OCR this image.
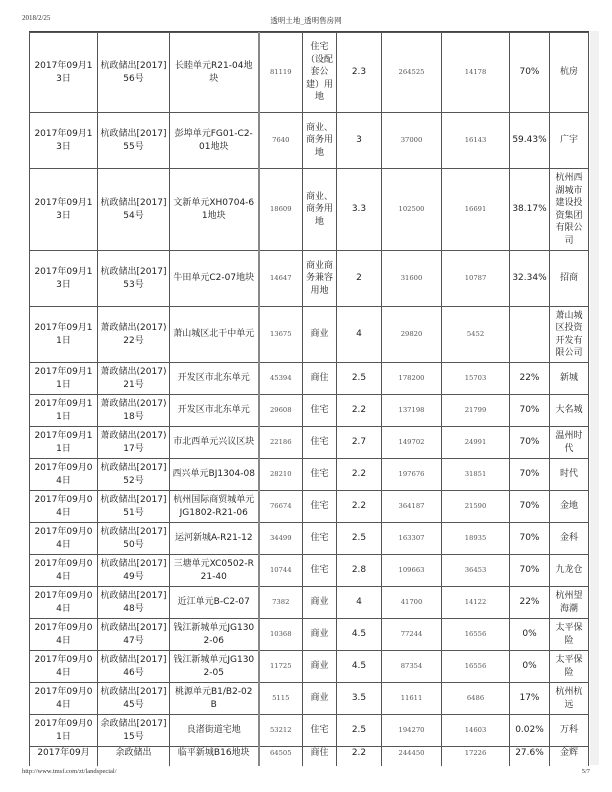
2018/2/25	透明土地_透明售房网
2017年09月13日	杭政储出[2017]56号	长睦单元R21-04地块	81119	住宅（设配套公建）用地	2.3	264525	14178	70%	杭房
2017年09月13日	杭政储出[2017]55号	彭埠单元FG01-C2-01地块	7640	商业、商务用地	3	37000	16143	59.43%	广宇
2017年09月13日	杭政储出[2017]54号	文新单元XH0704-61地块	18609	商业、商务用地	3.3	102500	16691	38.17%	杭州西湖城市建设投资集团有限公司
2017年09月13日	杭政储出[2017]53号	牛田单元C2-07地块	14647	商业商务兼容用地	2	31600	10787	32.34%	招商
2017年09月11日	萧政储出(2017) 22号	萧山城区北干中单元	13675	商业	4	29820	5452		萧山城区投资开发有限公司
2017年09月11日	萧政储出(2017) 21号	开发区市北东单元	45394	商住	2.5	178200	15703	22%	新城
2017年09月11日	萧政储出(2017) 18号	开发区市北东单元	29608	住宅	2.2	137198	21799	70%	大名城
2017年09月11日	萧政储出(2017)17号	市北西单元兴议区块	22186	住宅	2.7	149702	24991	70%	温州时代
2017年09月04日	杭政储出[2017]52号	西兴单元BJ1304-08	28210	住宅	2.2	197676	31851	70%	时代
2017年09月04日	杭政储出[2017]51号	杭州国际商贸城单元JG1802-R21-06	76674	住宅	2.2	364187	21590	70%	金地
2017年09月04日	杭政储出[2017]50号	运河新城A-R21-12	34499	住宅	2.5	163307	18935	70%	金科
2017年09月04日	杭政储出[2017]49号	三塘单元XC0502-R21-40	10744	住宅	2.8	109663	36453	70%	九龙仓
2017年09月04日	杭政储出[2017]48号	近江单元B-C2-07	7382	商业	4	41700	14122	22%	杭州望海潮
2017年09月04日	杭政储出[2017]47号	钱江新城单元JG1302-06	10368	商业	4.5	77244	16556	0%	太平保险
2017年09月04日	杭政储出[2017]46号	钱江新城单元JG1302-05	11725	商业	4.5	87354	16556	0%	太平保险
2017年09月04日	杭政储出[2017]45号	桃源单元B1/B2-02B	5115	商业	3.5	11611	6486	17%	杭州杭远
2017年09月01日	余政储出[2017]15号	良渚街道宅地	53212	住宅	2.5	194270	14603	0.02%	万科
2017年09月	余政储出	临平新城B16地块	64505	商住	2.2	244450	17226	27.6%	金辉
http://www.tmsf.com/zt/landspecial/	5/7
